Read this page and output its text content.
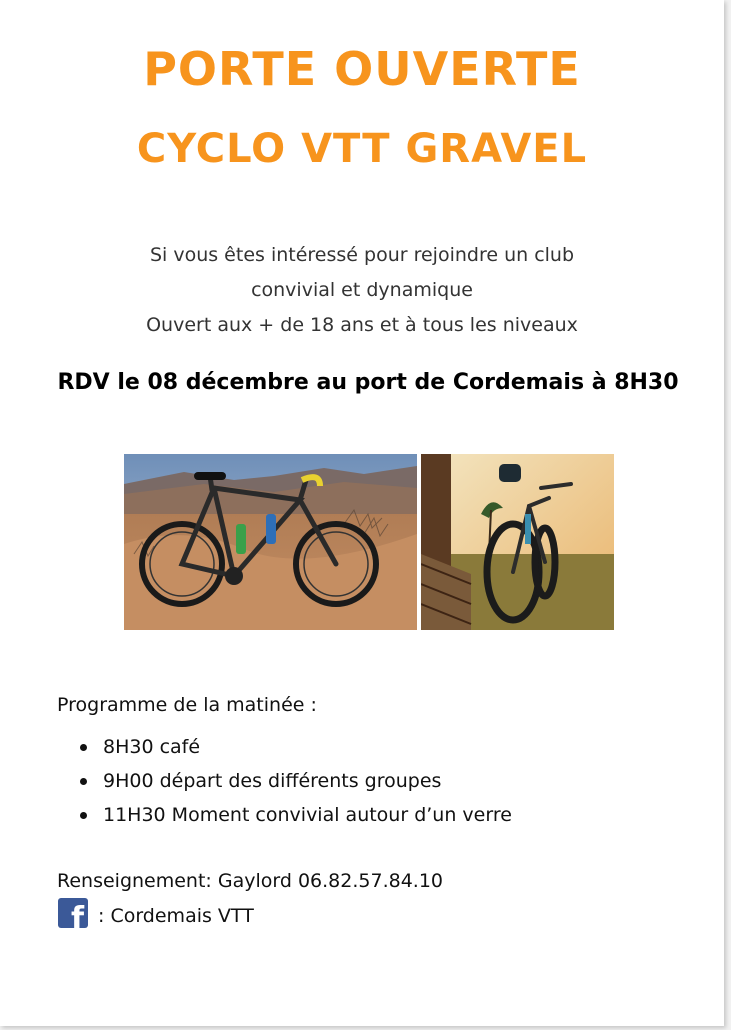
PORTE OUVERTE
CYCLO VTT GRAVEL
Si vous êtes intéressé pour rejoindre un club
convivial et dynamique
Ouvert aux + de 18 ans et à tous les niveaux
RDV le 08 décembre au port de Cordemais à 8H30
Programme de la matinée :
8H30 café
9H00 départ des différents groupes
11H30 Moment convivial autour d’un verre
Renseignement: Gaylord 06.82.57.84.10
f : Cordemais VTT
